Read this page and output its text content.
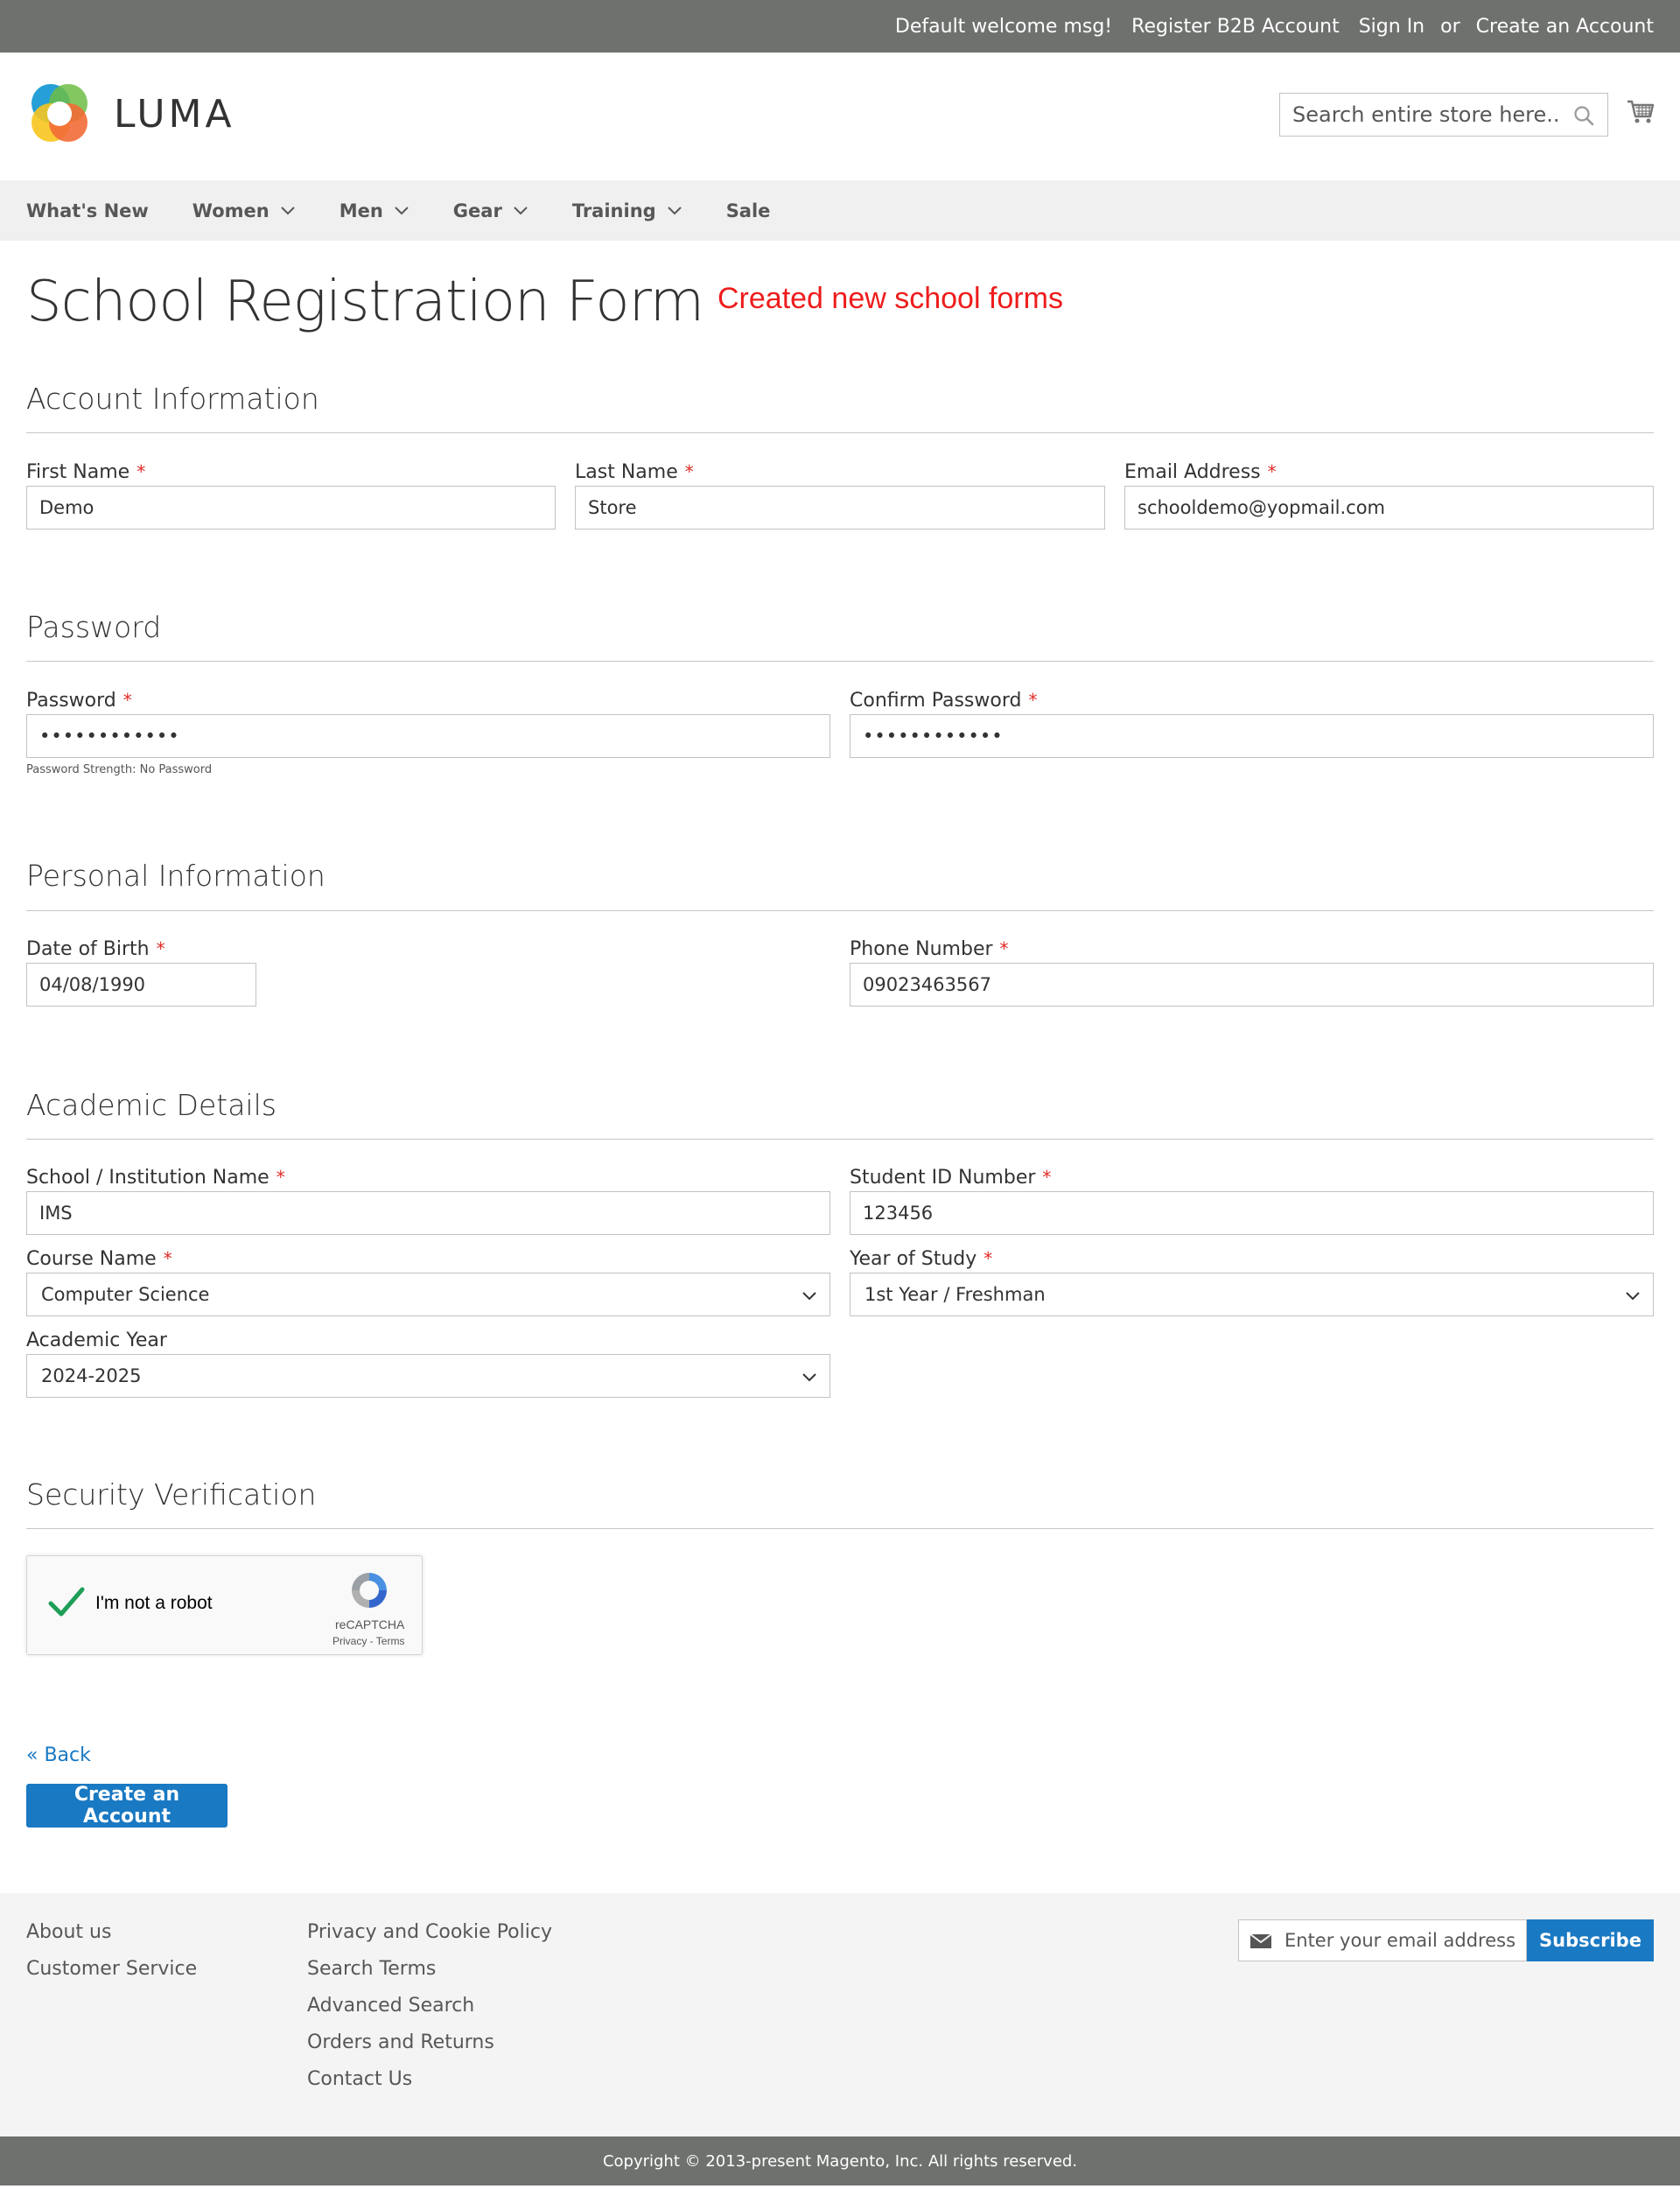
Default welcome msg! Register B2B Account Sign In or Create an Account
LUMA
Search entire store here...
What's New Women	Men	Gear	Training	Sale
School Registration Form Created new school forms
Account Information
First Name *
Demo
Last Name *
Store
Email Address *
schooldemo@yopmail.com
Password
Password *
••••••••••••
Password Strength: No Password
Confirm Password *
••••••••••••
Personal Information
Date of Birth *
04/08/1990
Phone Number *
09023463567
Academic Details
School / Institution Name *
IMS
Student ID Number *
123456
Course Name *
Computer Science
Year of Study *
1st Year / Freshman
Academic Year
2024-2025
Security Verification
I'm not a robot
reCAPTCHA
Privacy - Terms
« Back
Create an Account
About us
Customer Service
Privacy and Cookie Policy
Search Terms
Advanced Search
Orders and Returns
Contact Us
Enter your email address
Subscribe
Copyright © 2013-present Magento, Inc. All rights reserved.
